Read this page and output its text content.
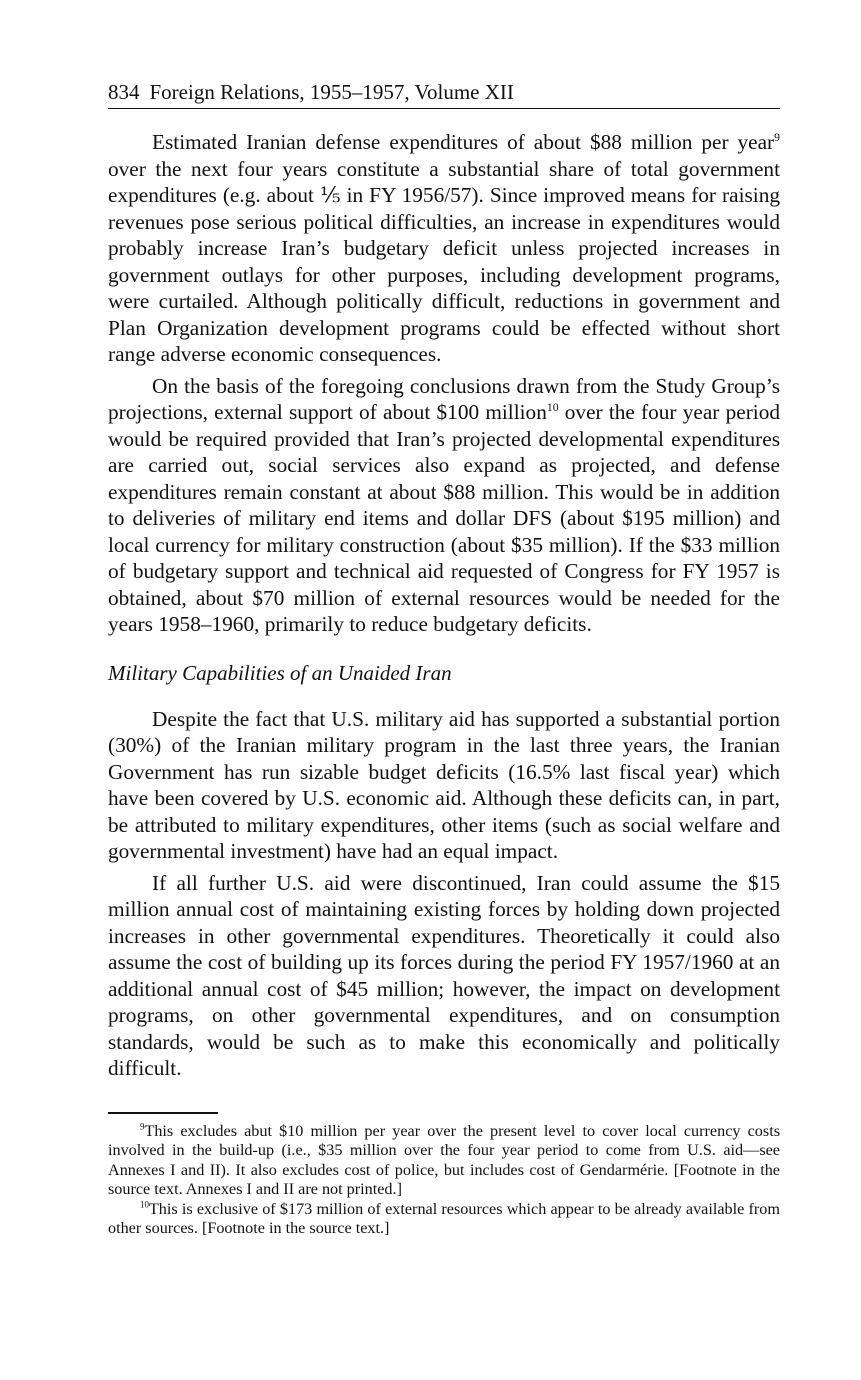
834 Foreign Relations, 1955–1957, Volume XII

Estimated Iranian defense expenditures of about $88 million per year$^9$ over the next four years constitute a substantial share of total government expenditures (e.g. about ⅕ in FY 1956/57). Since improved means for raising revenues pose serious political difficulties, an increase in expenditures would probably increase Iran’s budgetary deficit unless projected increases in government outlays for other purposes, including development programs, were curtailed. Although politically difficult, reductions in government and Plan Organization development programs could be effected without short range adverse economic consequences.

On the basis of the foregoing conclusions drawn from the Study Group’s projections, external support of about $100 million$^{10}$ over the four year period would be required provided that Iran’s projected developmental expenditures are carried out, social services also expand as projected, and defense expenditures remain constant at about $88 million. This would be in addition to deliveries of military end items and dollar DFS (about $195 million) and local currency for military construction (about $35 million). If the $33 million of budgetary support and technical aid requested of Congress for FY 1957 is obtained, about $70 million of external resources would be needed for the years 1958–1960, primarily to reduce budgetary deficits.

Military Capabilities of an Unaided Iran

Despite the fact that U.S. military aid has supported a substantial portion (30%) of the Iranian military program in the last three years, the Iranian Government has run sizable budget deficits (16.5% last fiscal year) which have been covered by U.S. economic aid. Although these deficits can, in part, be attributed to military expenditures, other items (such as social welfare and governmental investment) have had an equal impact.

If all further U.S. aid were discontinued, Iran could assume the $15 million annual cost of maintaining existing forces by holding down projected increases in other governmental expenditures. Theoretically it could also assume the cost of building up its forces during the period FY 1957/1960 at an additional annual cost of $45 million; however, the impact on development programs, on other governmental expenditures, and on consumption standards, would be such as to make this economically and politically difficult.

$^9$This excludes abut $10 million per year over the present level to cover local currency costs involved in the build-up (i.e., $35 million over the four year period to come from U.S. aid—see Annexes I and II). It also excludes cost of police, but includes cost of Gendarmérie. [Footnote in the source text. Annexes I and II are not printed.]

$^{10}$This is exclusive of $173 million of external resources which appear to be already available from other sources. [Footnote in the source text.]
